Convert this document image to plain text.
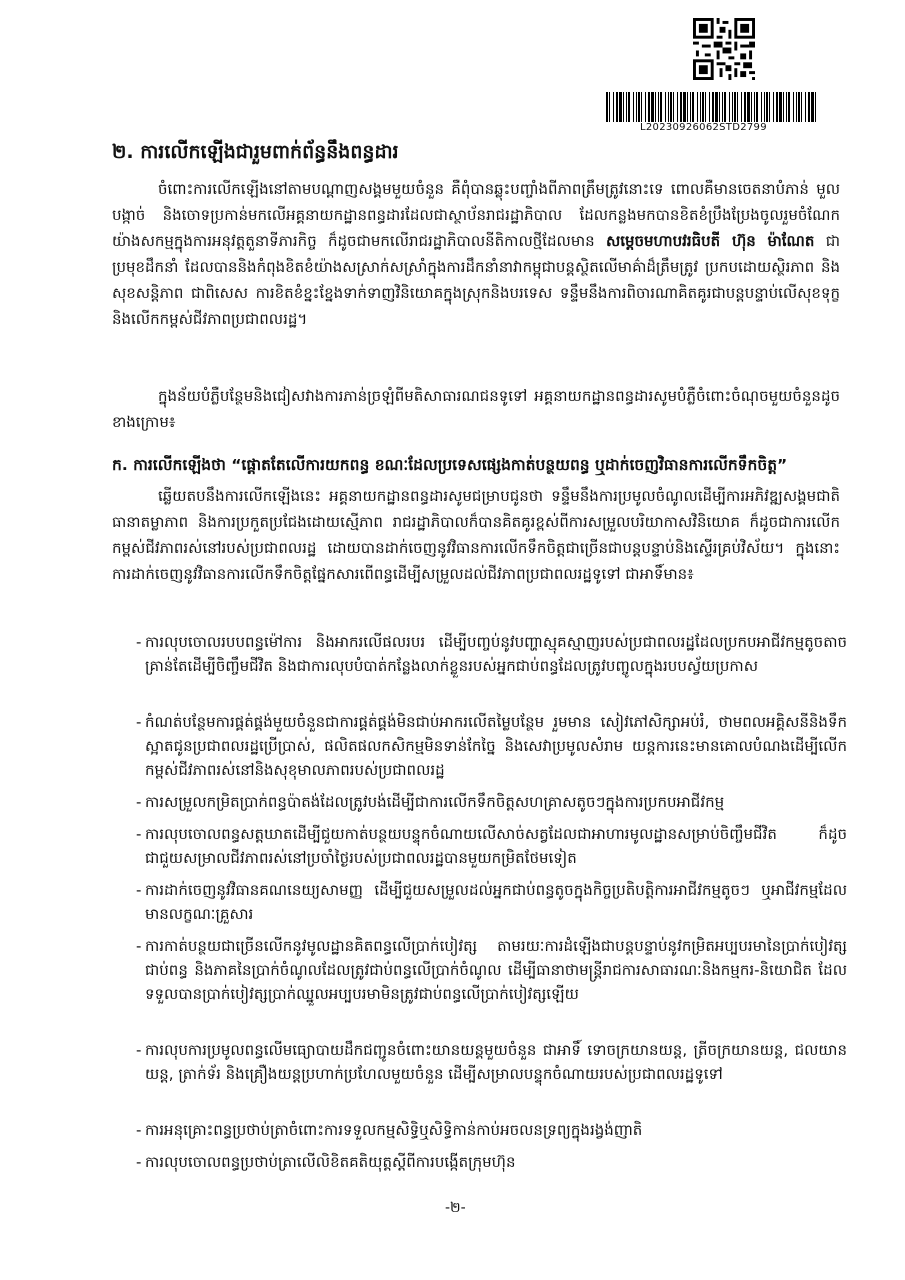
L20230926062STD2799
២. ការលើកឡើងជារួមពាក់ព័ន្ធនឹងពន្ធដារ
ចំពោះការលើកឡើងនៅតាមបណ្តាញសង្គមមួយចំនួន គឺពុំបានឆ្លុះបញ្ចាំងពីភាពត្រឹមត្រូវនោះទេ ពោលគឺមានចេតនាបំភាន់ មួលបង្កាច់ និងចោទប្រកាន់មកលើអគ្គនាយកដ្ឋានពន្ធដារដែលជាស្ថាប័នរាជរដ្ឋាភិបាល ដែលកន្លងមកបានខិតខំប្រឹងប្រែងចូលរួមចំណែកយ៉ាងសកម្មក្នុងការអនុវត្តតួនាទីភារកិច្ច ក៏ដូចជាមកលើរាជរដ្ឋាភិបាលនីតិកាលថ្មីដែលមាន សម្តេចមហាបវរធិបតី ហ៊ុន ម៉ាណែត ជាប្រមុខដឹកនាំ ដែលបាននិងកំពុងខិតខំយ៉ាងសស្រាក់សស្រាំក្នុងការដឹកនាំនាវាកម្ពុជាបន្តស្ថិតលើមាគ៌ាដ៏ត្រឹមត្រូវ ប្រកបដោយស្ថិរភាព និងសុខសន្តិភាព ជាពិសេស ការខិតខំខ្នះខ្នែងទាក់ទាញវិនិយោគក្នុងស្រុកនិងបរទេស ទន្ទឹមនឹងការពិចារណាគិតគូរជាបន្តបន្ទាប់លើសុខទុក្ខ និងលើកកម្ពស់ជីវភាពប្រជាពលរដ្ឋ។
ក្នុងន័យបំភ្លឺបន្ថែមនិងជៀសវាងការភាន់ច្រឡំពីមតិសាធារណជនទូទៅ អគ្គនាយកដ្ឋានពន្ធដារសូមបំភ្លឺចំពោះចំណុចមួយចំនួនដូចខាងក្រោម៖
ក. ការលើកឡើងថា “ផ្តោតតែលើការយកពន្ធ ខណៈដែលប្រទេសផ្សេងកាត់បន្ថយពន្ធ ឬដាក់ចេញវិធានការលើកទឹកចិត្ត”
ឆ្លើយតបនឹងការលើកឡើងនេះ អគ្គនាយកដ្ឋានពន្ធដារសូមជម្រាបជូនថា ទន្ទឹមនឹងការប្រមូលចំណូលដើម្បីការអភិវឌ្ឍសង្គមជាតិ ធានាតម្លាភាព និងការប្រកួតប្រជែងដោយស្មើភាព រាជរដ្ឋាភិបាលក៏បានគិតគូរខ្ពស់ពីការសម្រួលបរិយាកាសវិនិយោគ ក៏ដូចជាការលើកកម្ពស់ជីវភាពរស់នៅរបស់ប្រជាពលរដ្ឋ ដោយបានដាក់ចេញនូវវិធានការលើកទឹកចិត្តជាច្រើនជាបន្តបន្ទាប់និងស្ទើរគ្រប់វិស័យ។ ក្នុងនោះ ការដាក់ចេញនូវវិធានការលើកទឹកចិត្តផ្នែកសារពើពន្ធដើម្បីសម្រួលដល់ជីវភាពប្រជាពលរដ្ឋទូទៅ ជាអាទិ៍មាន៖
- ការលុបចោលរបបពន្ធម៉ៅការ និងអាករលើផលរបរ ដើម្បីបញ្ចប់នូវបញ្ហាស្មុគស្មាញរបស់ប្រជាពលរដ្ឋដែលប្រកបអាជីវកម្មតូចតាចគ្រាន់តែដើម្បីចិញ្ចឹមជីវិត និងជាការលុបបំបាត់កន្លែងលាក់ខ្លួនរបស់អ្នកជាប់ពន្ធដែលត្រូវបញ្ចូលក្នុងរបបស្វ័យប្រកាស
- កំណត់បន្ថែមការផ្គត់ផ្គង់មួយចំនួនជាការផ្គត់ផ្គង់មិនជាប់អាករលើតម្លៃបន្ថែម រួមមាន សៀវភៅសិក្សាអប់រំ, ថាមពលអគ្គិសនីនិងទឹកស្អាតជូនប្រជាពលរដ្ឋប្រើប្រាស់, ផលិតផលកសិកម្មមិនទាន់កែច្នៃ និងសេវាប្រមូលសំរាម យន្តការនេះមានគោលបំណងដើម្បីលើកកម្ពស់ជីវភាពរស់នៅនិងសុខុមាលភាពរបស់ប្រជាពលរដ្ឋ
- ការសម្រួលកម្រិតប្រាក់ពន្ធប៉ាតង់ដែលត្រូវបង់ដើម្បីជាការលើកទឹកចិត្តសហគ្រាសតូចៗក្នុងការប្រកបអាជីវកម្ម
- ការលុបចោលពន្ធសត្តឃាតដើម្បីជួយកាត់បន្ថយបន្ទុកចំណាយលើសាច់សត្វដែលជាអាហារមូលដ្ឋានសម្រាប់ចិញ្ចឹមជីវិត ក៏ដូចជាជួយសម្រាលជីវភាពរស់នៅប្រចាំថ្ងៃរបស់ប្រជាពលរដ្ឋបានមួយកម្រិតថែមទៀត
- ការដាក់ចេញនូវវិធានគណនេយ្យសាមញ្ញ ដើម្បីជួយសម្រួលដល់អ្នកជាប់ពន្ធតូចក្នុងកិច្ចប្រតិបត្តិការអាជីវកម្មតូចៗ ឬអាជីវកម្មដែលមានលក្ខណៈគ្រួសារ
- ការកាត់បន្ថយជាច្រើនលើកនូវមូលដ្ឋានគិតពន្ធលើប្រាក់បៀវត្ស តាមរយៈការដំឡើងជាបន្តបន្ទាប់នូវកម្រិតអប្បបរមានៃប្រាក់បៀវត្សជាប់ពន្ធ និងភាគនៃប្រាក់ចំណូលដែលត្រូវជាប់ពន្ធលើប្រាក់ចំណូល ដើម្បីធានាថាមន្ត្រីរាជការសាធារណៈនិងកម្មករ-និយោជិត ដែលទទួលបានប្រាក់បៀវត្សប្រាក់ឈ្នួលអប្បបរមាមិនត្រូវជាប់ពន្ធលើប្រាក់បៀវត្សឡើយ
- ការលុបការប្រមូលពន្ធលើមធ្យោបាយដឹកជញ្ជូនចំពោះយានយន្តមួយចំនួន ជាអាទិ៍ ទោចក្រយានយន្ត, ត្រីចក្រយានយន្ត, ជលយានយន្ត, ត្រាក់ទ័រ និងគ្រឿងយន្តប្រហាក់ប្រហែលមួយចំនួន ដើម្បីសម្រាលបន្ទុកចំណាយរបស់ប្រជាពលរដ្ឋទូទៅ
- ការអនុគ្រោះពន្ធប្រថាប់ត្រាចំពោះការទទួលកម្មសិទ្ធិឬសិទ្ធិកាន់កាប់អចលនទ្រព្យក្នុងរង្វង់ញាតិ
- ការលុបចោលពន្ធប្រថាប់ត្រាលើលិខិតគតិយុត្តស្តីពីការបង្កើតក្រុមហ៊ុន
-២-
